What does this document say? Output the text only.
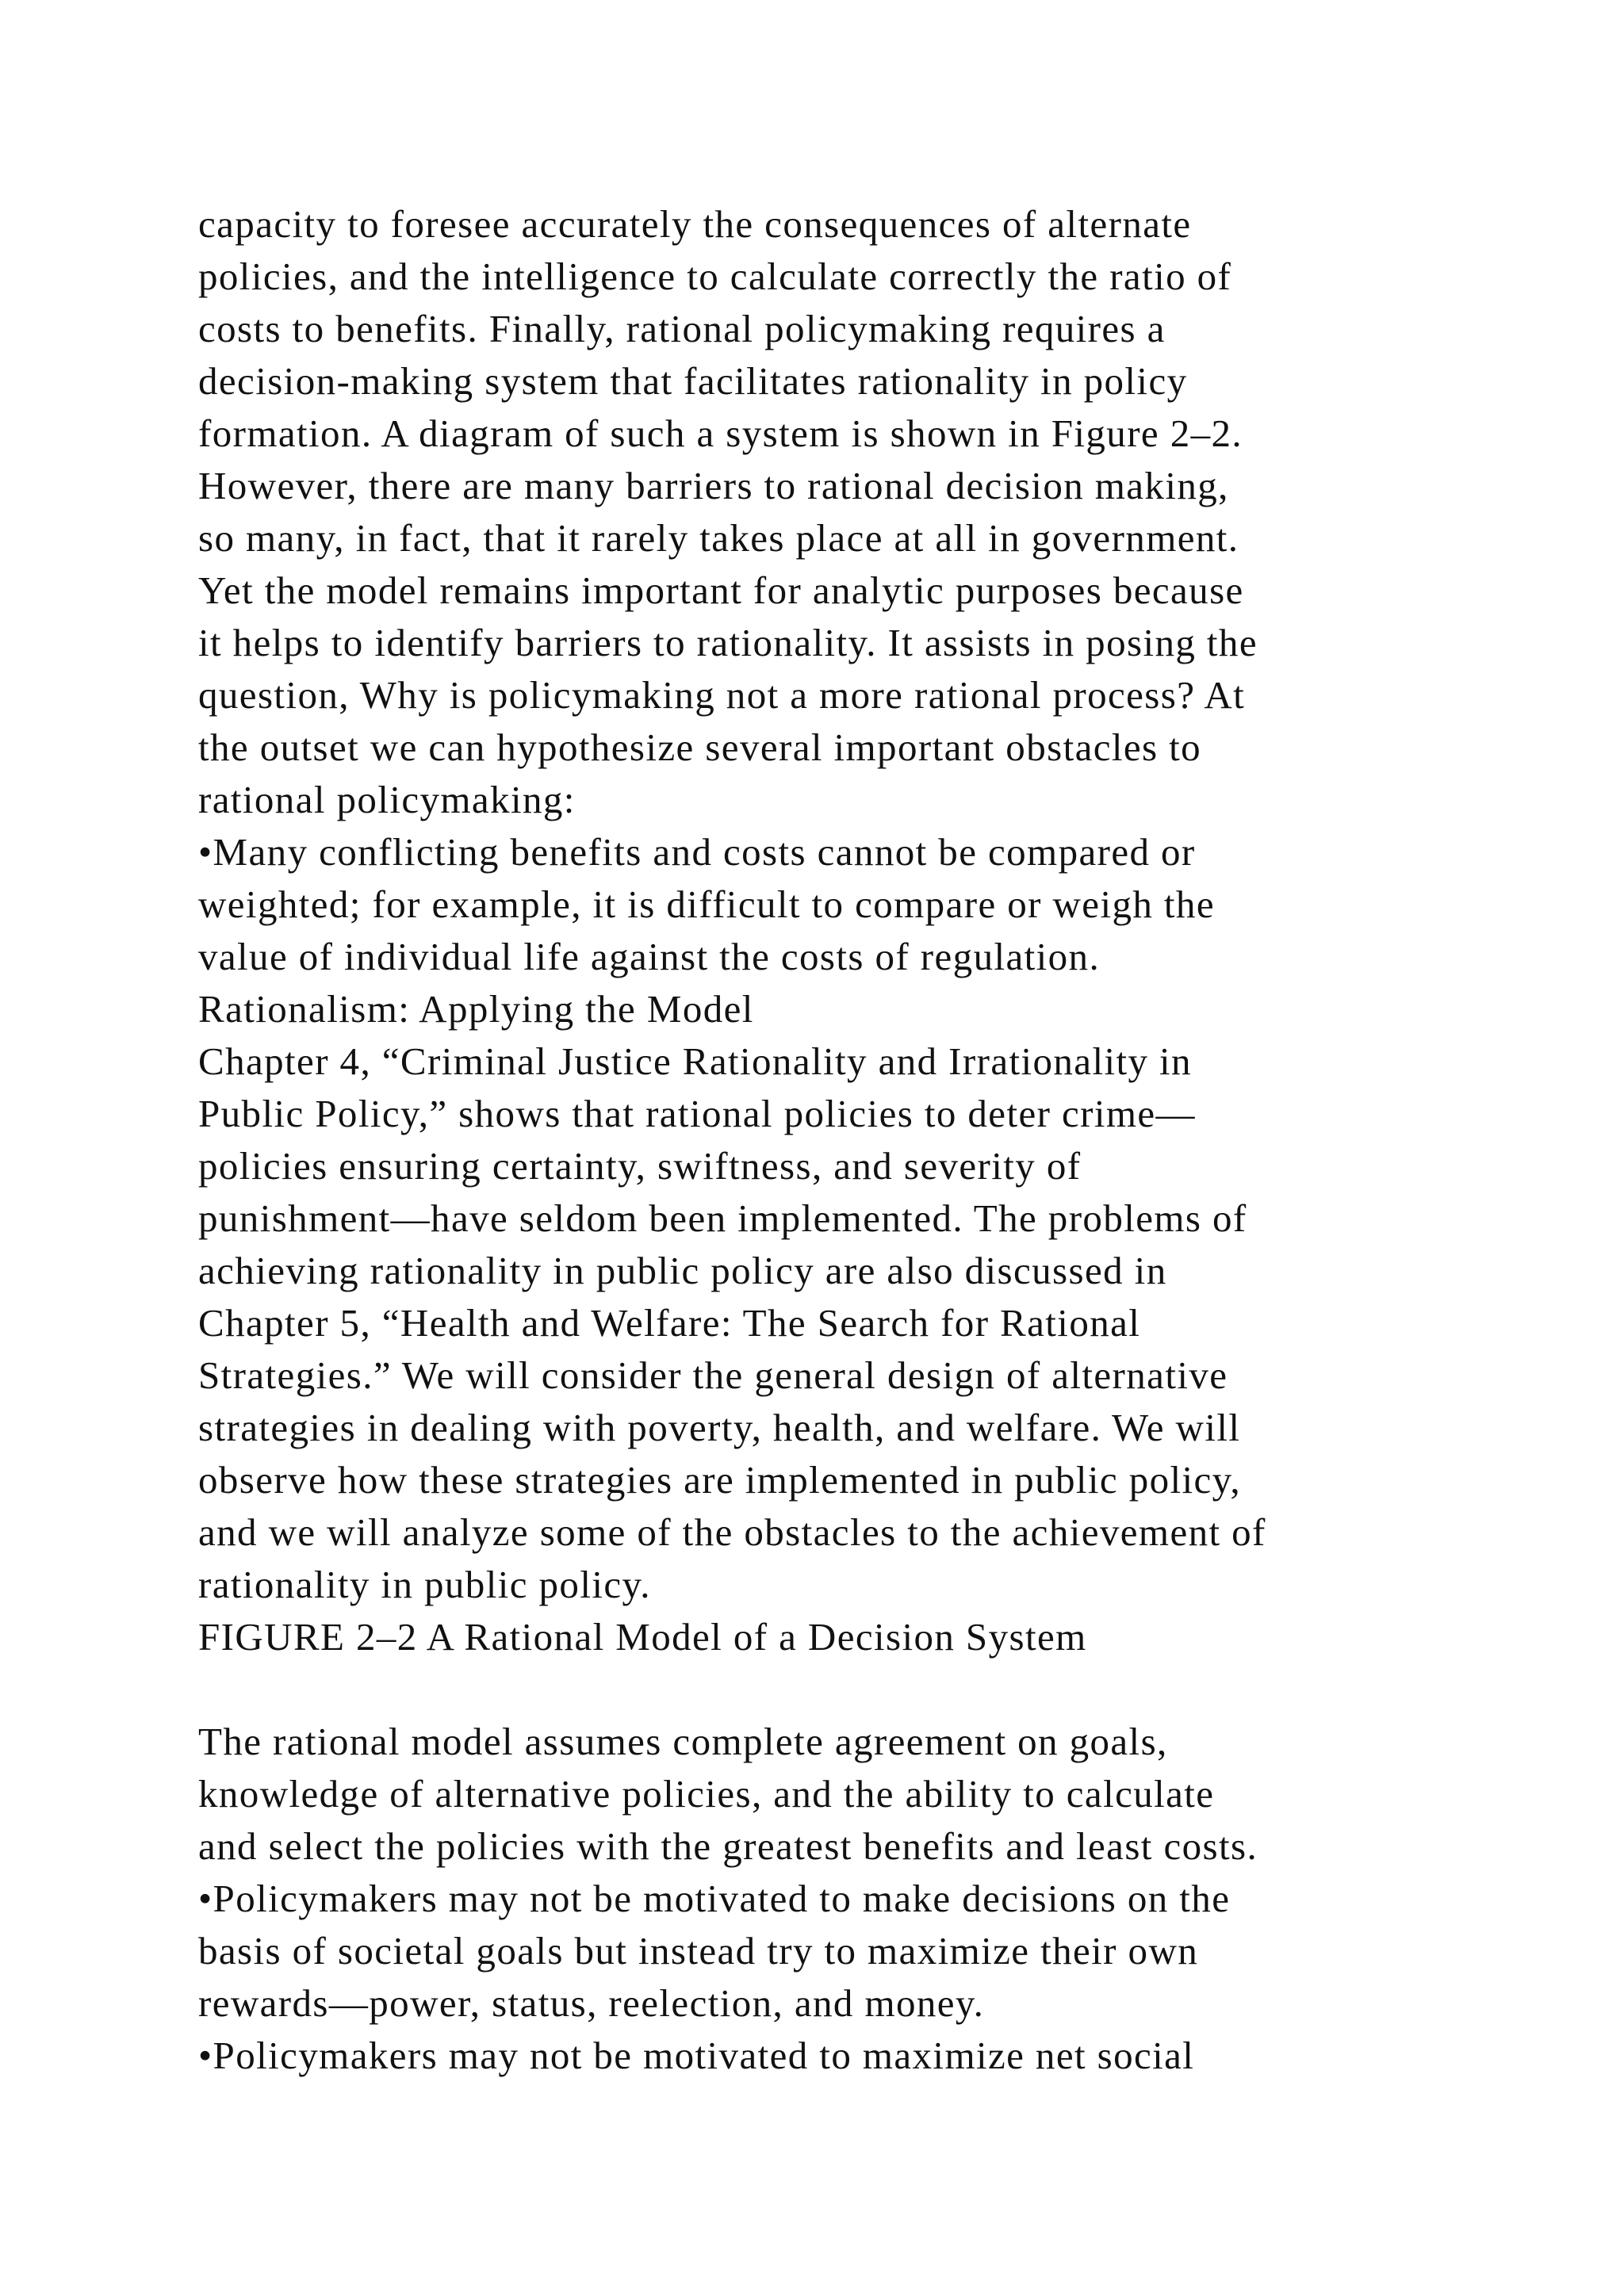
capacity to foresee accurately the consequences of alternate
policies, and the intelligence to calculate correctly the ratio of
costs to benefits. Finally, rational policymaking requires a
decision-making system that facilitates rationality in policy
formation. A diagram of such a system is shown in Figure 2–2.
However, there are many barriers to rational decision making,
so many, in fact, that it rarely takes place at all in government.
Yet the model remains important for analytic purposes because
it helps to identify barriers to rationality. It assists in posing the
question, Why is policymaking not a more rational process? At
the outset we can hypothesize several important obstacles to
rational policymaking:
•Many conflicting benefits and costs cannot be compared or
weighted; for example, it is difficult to compare or weigh the
value of individual life against the costs of regulation.
Rationalism: Applying the Model
Chapter 4, “Criminal Justice Rationality and Irrationality in
Public Policy,” shows that rational policies to deter crime—
policies ensuring certainty, swiftness, and severity of
punishment—have seldom been implemented. The problems of
achieving rationality in public policy are also discussed in
Chapter 5, “Health and Welfare: The Search for Rational
Strategies.” We will consider the general design of alternative
strategies in dealing with poverty, health, and welfare. We will
observe how these strategies are implemented in public policy,
and we will analyze some of the obstacles to the achievement of
rationality in public policy.
FIGURE 2–2 A Rational Model of a Decision System
The rational model assumes complete agreement on goals,
knowledge of alternative policies, and the ability to calculate
and select the policies with the greatest benefits and least costs.
•Policymakers may not be motivated to make decisions on the
basis of societal goals but instead try to maximize their own
rewards—power, status, reelection, and money.
•Policymakers may not be motivated to maximize net social
